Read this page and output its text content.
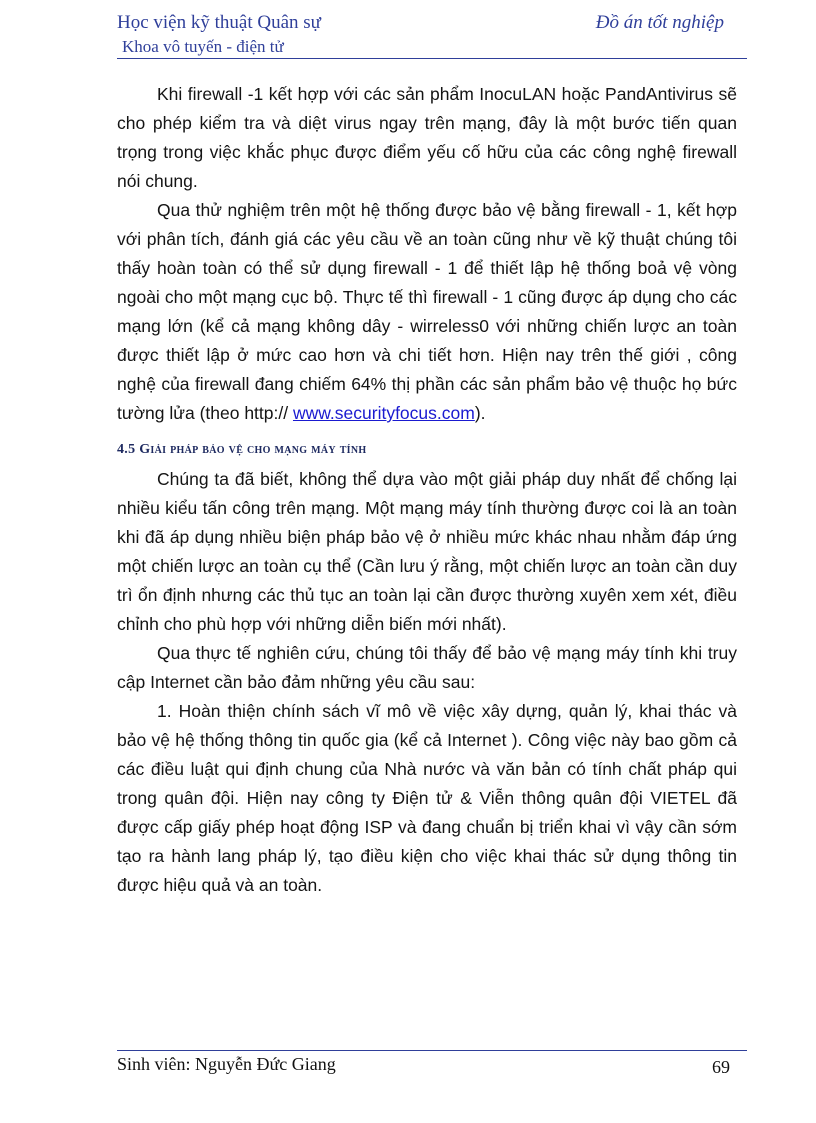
Học viện kỹ thuật Quân sự
Khoa vô tuyến - điện tử
Đồ án tốt nghiệp

Khi firewall -1 kết hợp với các sản phẩm InocuLAN hoặc PandAntivirus sẽ cho phép kiểm tra và diệt virus ngay trên mạng, đây là một bước tiến quan trọng trong việc khắc phục được điểm yếu cố hữu của các công nghệ firewall nói chung.

Qua thử nghiệm trên một hệ thống được bảo vệ bằng firewall - 1, kết hợp với phân tích, đánh giá các yêu cầu về an toàn cũng như về kỹ thuật chúng tôi thấy hoàn toàn có thể sử dụng firewall - 1 để thiết lập hệ thống boả vệ vòng ngoài cho một mạng cục bộ. Thực tế thì firewall - 1 cũng được áp dụng cho các mạng lớn (kể cả mạng không dây - wirreless0 với những chiến lược an toàn được thiết lập ở mức cao hơn và chi tiết hơn. Hiện nay trên thế giới , công nghệ của firewall đang chiếm 64% thị phần các sản phẩm bảo vệ thuộc họ bức tường lửa (theo http:// www.securityfocus.com).

4.5 Giải pháp bảo vệ cho mạng máy tính

Chúng ta đã biết, không thể dựa vào một giải pháp duy nhất để chống lại nhiều kiểu tấn công trên mạng. Một mạng máy tính thường được coi là an toàn khi đã áp dụng nhiều biện pháp bảo vệ ở nhiều mức khác nhau nhằm đáp ứng một chiến lược an toàn cụ thể (Cần lưu ý rằng, một chiến lược an toàn cần duy trì ổn định nhưng các thủ tục an toàn lại cần được thường xuyên xem xét, điều chỉnh cho phù hợp với những diễn biến mới nhất).

Qua thực tế nghiên cứu, chúng tôi thấy để bảo vệ mạng máy tính khi truy cập Internet cần bảo đảm những yêu cầu sau:

1. Hoàn thiện chính sách vĩ mô về việc xây dựng, quản lý, khai thác và bảo vệ hệ thống thông tin quốc gia (kể cả Internet ). Công việc này bao gồm cả các điều luật qui định chung của Nhà nước và văn bản có tính chất pháp qui trong quân đội. Hiện nay công ty Điện tử & Viễn thông quân đội VIETEL đã được cấp giấy phép hoạt động ISP và đang chuẩn bị triển khai vì vậy cần sớm tạo ra hành lang pháp lý, tạo điều kiện cho việc khai thác sử dụng thông tin được hiệu quả và an toàn.

Sinh viên: Nguyễn Đức Giang	69
